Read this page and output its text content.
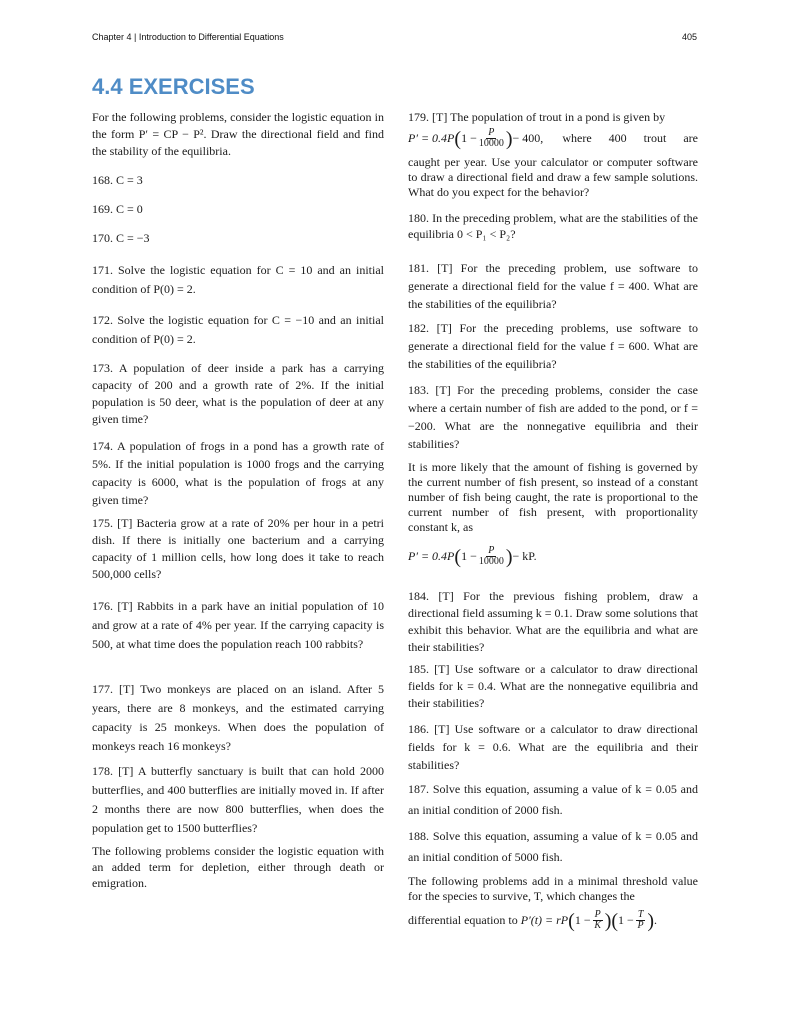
Chapter 4 | Introduction to Differential Equations	405
4.4 EXERCISES
For the following problems, consider the logistic equation in the form P′ = CP − P². Draw the directional field and find the stability of the equilibria.
168. C = 3
169. C = 0
170. C = −3
171. Solve the logistic equation for C = 10 and an initial condition of P(0) = 2.
172. Solve the logistic equation for C = −10 and an initial condition of P(0) = 2.
173. A population of deer inside a park has a carrying capacity of 200 and a growth rate of 2%. If the initial population is 50 deer, what is the population of deer at any given time?
174. A population of frogs in a pond has a growth rate of 5%. If the initial population is 1000 frogs and the carrying capacity is 6000, what is the population of frogs at any given time?
175. [T] Bacteria grow at a rate of 20% per hour in a petri dish. If there is initially one bacterium and a carrying capacity of 1 million cells, how long does it take to reach 500,000 cells?
176. [T] Rabbits in a park have an initial population of 10 and grow at a rate of 4% per year. If the carrying capacity is 500, at what time does the population reach 100 rabbits?
177. [T] Two monkeys are placed on an island. After 5 years, there are 8 monkeys, and the estimated carrying capacity is 25 monkeys. When does the population of monkeys reach 16 monkeys?
178. [T] A butterfly sanctuary is built that can hold 2000 butterflies, and 400 butterflies are initially moved in. If after 2 months there are now 800 butterflies, when does the population get to 1500 butterflies?
The following problems consider the logistic equation with an added term for depletion, either through death or emigration.
179. [T] The population of trout in a pond is given by
P′ = 0.4P ( $1 - \frac{P}{10000}$ ) − 400, where 400 trout are
caught per year. Use your calculator or computer software to draw a directional field and draw a few sample solutions. What do you expect for the behavior?
180. In the preceding problem, what are the stabilities of the equilibria 0 < P₁ < P₂?
181. [T] For the preceding problem, use software to generate a directional field for the value f = 400. What are the stabilities of the equilibria?
182. [T] For the preceding problems, use software to generate a directional field for the value f = 600. What are the stabilities of the equilibria?
183. [T] For the preceding problems, consider the case where a certain number of fish are added to the pond, or f = −200. What are the nonnegative equilibria and their stabilities?
It is more likely that the amount of fishing is governed by the current number of fish present, so instead of a constant number of fish being caught, the rate is proportional to the current number of fish present, with proportionality constant k, as
P′ = 0.4P ( $1 - \frac{P}{10000}$ ) − kP.
184. [T] For the previous fishing problem, draw a directional field assuming k = 0.1. Draw some solutions that exhibit this behavior. What are the equilibria and what are their stabilities?
185. [T] Use software or a calculator to draw directional fields for k = 0.4. What are the nonnegative equilibria and their stabilities?
186. [T] Use software or a calculator to draw directional fields for k = 0.6. What are the equilibria and their stabilities?
187. Solve this equation, assuming a value of k = 0.05 and an initial condition of 2000 fish.
188. Solve this equation, assuming a value of k = 0.05 and an initial condition of 5000 fish.
The following problems add in a minimal threshold value for the species to survive, T, which changes the
differential equation to
P′(t) = rP ( $1 - \frac{P}{K}$ )( $1 - \frac{T}{P}$ ) .
